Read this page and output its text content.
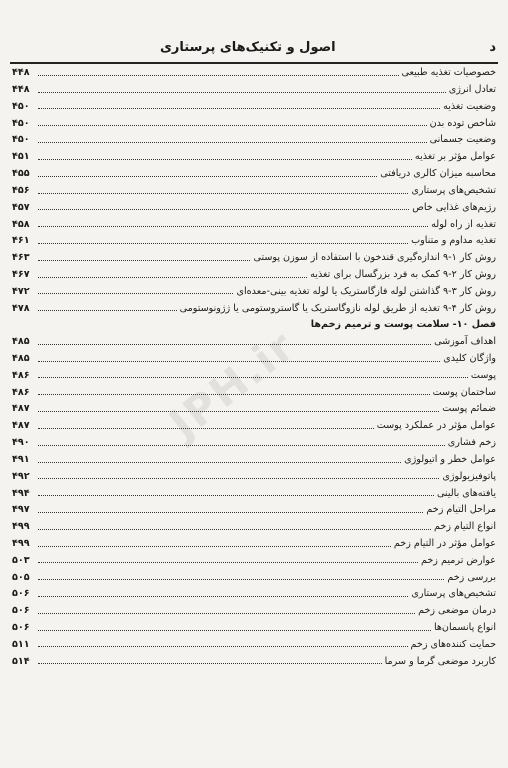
اصول و تکنیک‌های پرستاری	د
JPH.ir
خصوصیات تغذیه طبیعی
۴۴۸
تعادل انرژی
۴۴۸
وضعیت تغذیه
۴۵۰
شاخص توده بدن
۴۵۰
وضعیت جسمانی
۴۵۰
عوامل مؤثر بر تغذیه
۴۵۱
محاسبه میزان کالری دریافتی
۴۵۵
تشخیص‌های پرستاری
۴۵۶
رژیم‌های غذایی خاص
۴۵۷
تغذیه از راه لوله
۴۵۸
تغذیه مداوم و متناوب
۴۶۱
روش کار ۱-۹ اندازه‌گیری قندخون با استفاده از سوزن پوستی
۴۶۳
روش کار ۲-۹ کمک به فرد بزرگسال برای تغذیه
۴۶۷
روش کار ۳-۹ گذاشتن لوله فازگاستریک یا لوله تغذیه بینی-معده‌ای
۴۷۲
روش کار ۴-۹ تغذیه از طریق لوله نازوگاستریک یا گاستروستومی یا ژژونوستومی
۴۷۸
فصل ۱۰- سلامت پوست و ترمیم زخم‌ها
اهداف آموزشی
۴۸۵
واژگان کلیدی
۴۸۵
پوست
۴۸۶
ساختمان پوست
۴۸۶
ضمائم پوست
۴۸۷
عوامل مؤثر در عملکرد پوست
۴۸۷
زخم فشاری
۴۹۰
عوامل خطر و اتیولوژی
۴۹۱
پاتوفیزیولوژی
۴۹۲
یافته‌های بالینی
۴۹۴
مراحل التیام زخم
۴۹۷
انواع التیام زخم
۴۹۹
عوامل مؤثر در التیام زخم
۴۹۹
عوارض ترمیم زخم
۵۰۳
بررسی زخم
۵۰۵
تشخیص‌های پرستاری
۵۰۶
درمان موضعی زخم
۵۰۶
انواع پانسمان‌ها
۵۰۶
حمایت کننده‌های زخم
۵۱۱
کاربرد موضعی گرما و سرما
۵۱۴
